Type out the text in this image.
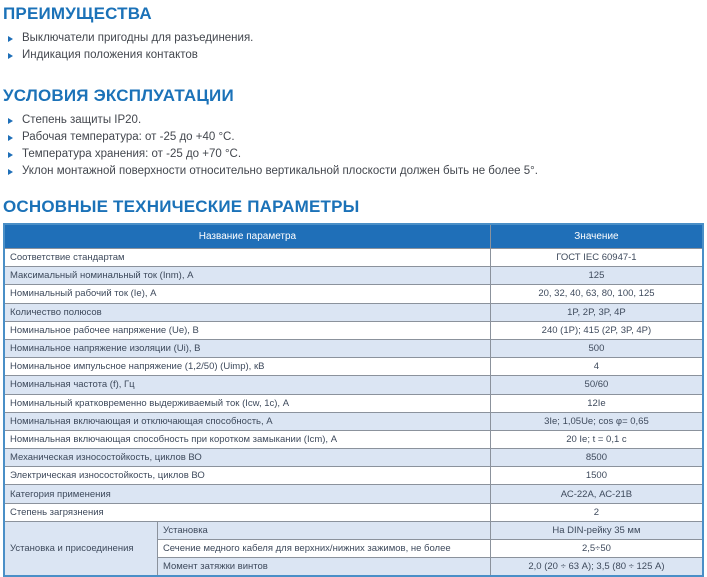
ПРЕИМУЩЕСТВА
Выключатели пригодны для разъединения.
Индикация положения контактов
УСЛОВИЯ ЭКСПЛУАТАЦИИ
Степень защиты IP20.
Рабочая температура: от -25 до +40 °С.
Температура хранения: от -25 до +70 °С.
Уклон монтажной поверхности относительно вертикальной плоскости должен быть не более 5°.
ОСНОВНЫЕ ТЕХНИЧЕСКИЕ ПАРАМЕТРЫ
Название параметра		Значение
Соответствие стандартам		ГОСТ IEC 60947-1
Максимальный номинальный ток (Inm), А		125
Номинальный рабочий ток (Ie), А		20, 32, 40, 63, 80, 100, 125
Количество полюсов		1P, 2P, 3P, 4P
Номинальное рабочее напряжение (Ue), В		240 (1P); 415 (2P, 3P, 4P)
Номинальное напряжение изоляции (Ui), В		500
Номинальное импульсное напряжение (1,2/50) (Uimp), кВ		4
Номинальная частота (f), Гц		50/60
Номинальный кратковременно выдерживаемый ток (Icw, 1с), А		12Ie
Номинальная включающая и отключающая способность, А		3Ie; 1,05Ue; cos φ= 0,65
Номинальная включающая способность при коротком замыкании (Icm), А		20 Ie; t = 0,1 с
Механическая износостойкость, циклов ВО		8500
Электрическая износостойкость, циклов ВО		1500
Категория применения		АС-22А, АС-21В
Степень загрязнения		2
Установка и присоединения	Установка	На DIN-рейку 35 мм
	Сечение медного кабеля для верхних/нижних зажимов, не более	2,5÷50
	Момент затяжки винтов	2,0 (20 ÷ 63 А); 3,5 (80 ÷ 125 А)
